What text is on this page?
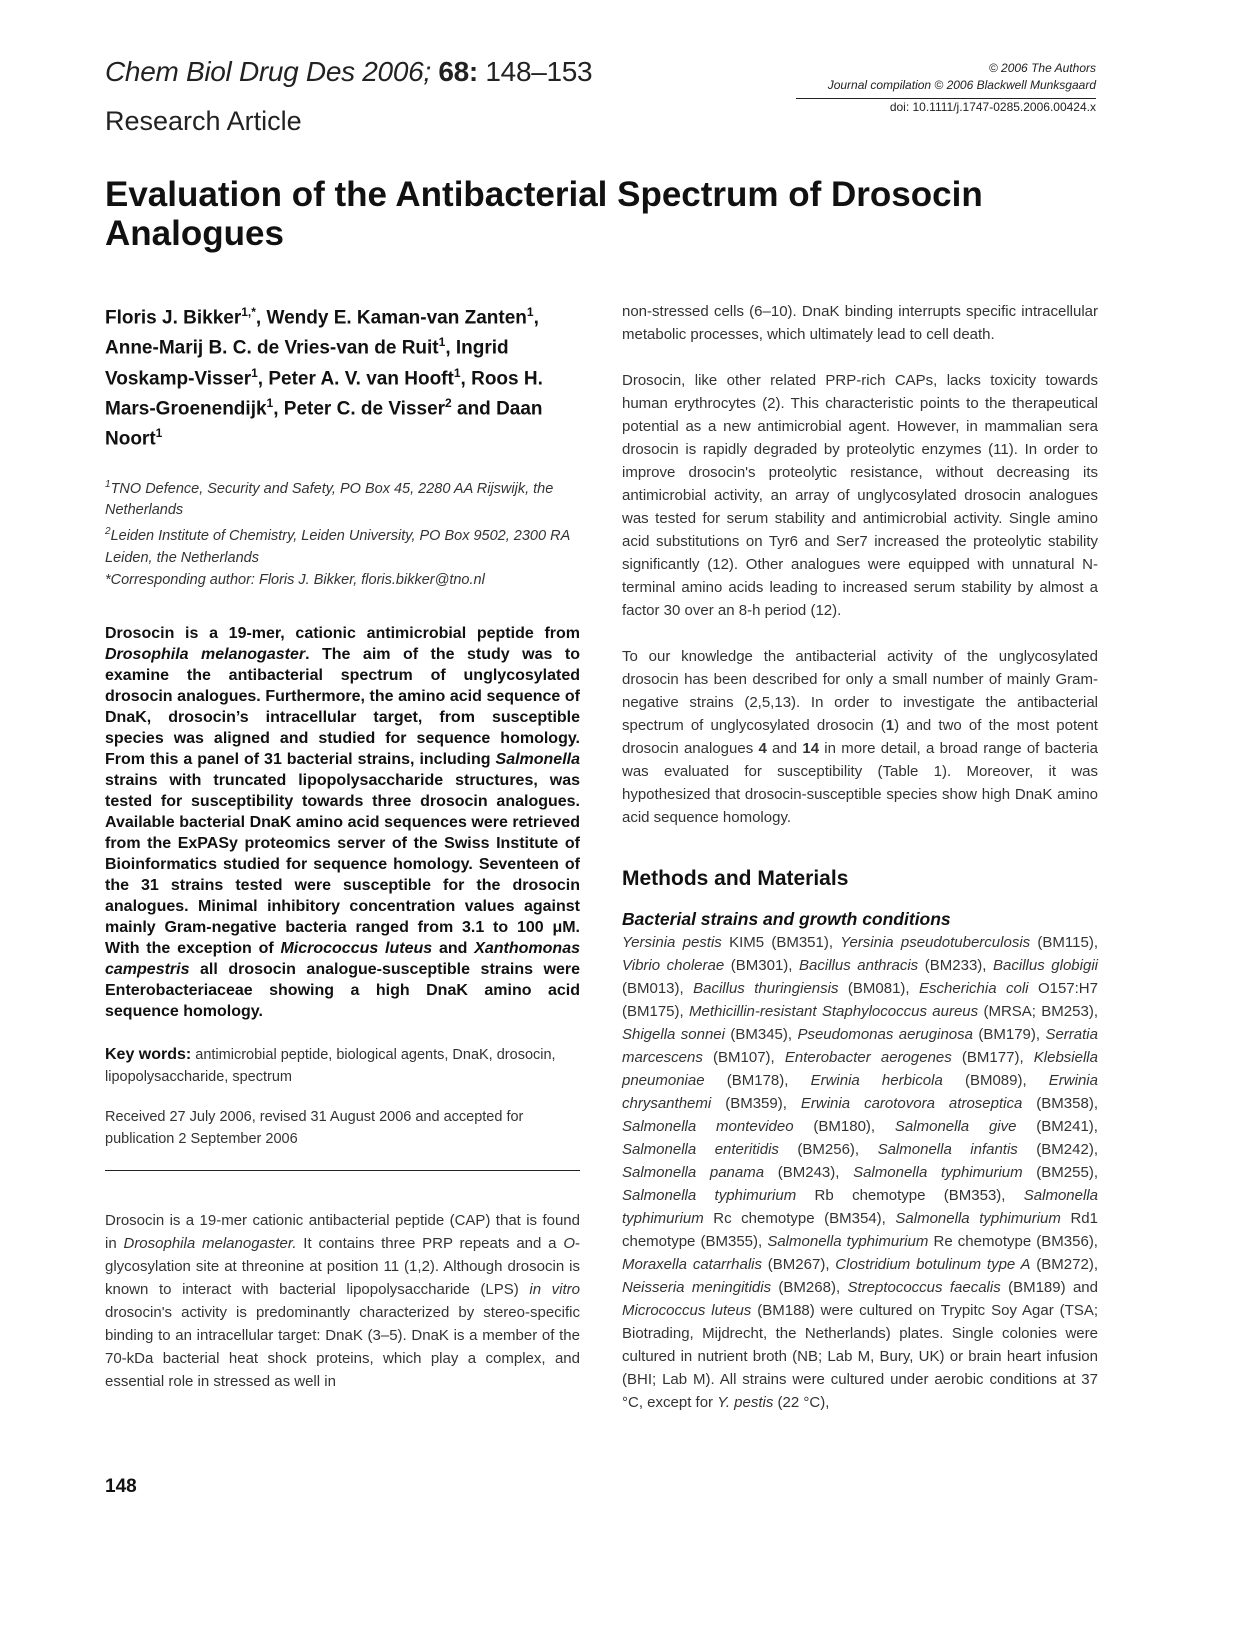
Chem Biol Drug Des 2006; 68: 148–153
Research Article
© 2006 The Authors
Journal compilation © 2006 Blackwell Munksgaard
doi: 10.1111/j.1747-0285.2006.00424.x
Evaluation of the Antibacterial Spectrum of Drosocin Analogues
Floris J. Bikker$^{1,*}$, Wendy E. Kaman-van Zanten$^1$, Anne-Marij B. C. de Vries-van de Ruit$^1$, Ingrid Voskamp-Visser$^1$, Peter A. V. van Hooft$^1$, Roos H. Mars-Groenendijk$^1$, Peter C. de Visser$^2$ and Daan Noort$^1$
$^1$TNO Defence, Security and Safety, PO Box 45, 2280 AA Rijswijk, the Netherlands
$^2$Leiden Institute of Chemistry, Leiden University, PO Box 9502, 2300 RA Leiden, the Netherlands
*Corresponding author: Floris J. Bikker, floris.bikker@tno.nl
Drosocin is a 19-mer, cationic antimicrobial peptide from Drosophila melanogaster. The aim of the study was to examine the antibacterial spectrum of unglycosylated drosocin analogues. Furthermore, the amino acid sequence of DnaK, drosocin’s intracellular target, from susceptible species was aligned and studied for sequence homology. From this a panel of 31 bacterial strains, including Salmonella strains with truncated lipopolysaccharide structures, was tested for susceptibility towards three drosocin analogues. Available bacterial DnaK amino acid sequences were retrieved from the ExPASy proteomics server of the Swiss Institute of Bioinformatics studied for sequence homology. Seventeen of the 31 strains tested were susceptible for the drosocin analogues. Minimal inhibitory concentration values against mainly Gram-negative bacteria ranged from 3.1 to 100 μM. With the exception of Micrococcus luteus and Xanthomonas campestris all drosocin analogue-susceptible strains were Enterobacteriaceae showing a high DnaK amino acid sequence homology.
Key words: antimicrobial peptide, biological agents, DnaK, drosocin, lipopolysaccharide, spectrum
Received 27 July 2006, revised 31 August 2006 and accepted for publication 2 September 2006
Drosocin is a 19-mer cationic antibacterial peptide (CAP) that is found in Drosophila melanogaster. It contains three PRP repeats and a O-glycosylation site at threonine at position 11 (1,2). Although drosocin is known to interact with bacterial lipopolysaccharide (LPS) in vitro drosocin's activity is predominantly characterized by stereo-specific binding to an intracellular target: DnaK (3–5). DnaK is a member of the 70-kDa bacterial heat shock proteins, which play a complex, and essential role in stressed as well in

non-stressed cells (6–10). DnaK binding interrupts specific intracellular metabolic processes, which ultimately lead to cell death.

Drosocin, like other related PRP-rich CAPs, lacks toxicity towards human erythrocytes (2). This characteristic points to the therapeutical potential as a new antimicrobial agent. However, in mammalian sera drosocin is rapidly degraded by proteolytic enzymes (11). In order to improve drosocin's proteolytic resistance, without decreasing its antimicrobial activity, an array of unglycosylated drosocin analogues was tested for serum stability and antimicrobial activity. Single amino acid substitutions on Tyr6 and Ser7 increased the proteolytic stability significantly (12). Other analogues were equipped with unnatural N-terminal amino acids leading to increased serum stability by almost a factor 30 over an 8-h period (12).

To our knowledge the antibacterial activity of the unglycosylated drosocin has been described for only a small number of mainly Gram-negative strains (2,5,13). In order to investigate the antibacterial spectrum of unglycosylated drosocin (1) and two of the most potent drosocin analogues 4 and 14 in more detail, a broad range of bacteria was evaluated for susceptibility (Table 1). Moreover, it was hypothesized that drosocin-susceptible species show high DnaK amino acid sequence homology.

Methods and Materials
Bacterial strains and growth conditions
Yersinia pestis KIM5 (BM351), Yersinia pseudotuberculosis (BM115), Vibrio cholerae (BM301), Bacillus anthracis (BM233), Bacillus globigii (BM013), Bacillus thuringiensis (BM081), Escherichia coli O157:H7 (BM175), Methicillin-resistant Staphylococcus aureus (MRSA; BM253), Shigella sonnei (BM345), Pseudomonas aeruginosa (BM179), Serratia marcescens (BM107), Enterobacter aerogenes (BM177), Klebsiella pneumoniae (BM178), Erwinia herbicola (BM089), Erwinia chrysanthemi (BM359), Erwinia carotovora atroseptica (BM358), Salmonella montevideo (BM180), Salmonella give (BM241), Salmonella enteritidis (BM256), Salmonella infantis (BM242), Salmonella panama (BM243), Salmonella typhimurium (BM255), Salmonella typhimurium Rb chemotype (BM353), Salmonella typhimurium Rc chemotype (BM354), Salmonella typhimurium Rd1 chemotype (BM355), Salmonella typhimurium Re chemotype (BM356), Moraxella catarrhalis (BM267), Clostridium botulinum type A (BM272), Neisseria meningitidis (BM268), Streptococcus faecalis (BM189) and Micrococcus luteus (BM188) were cultured on Trypitc Soy Agar (TSA; Biotrading, Mijdrecht, the Netherlands) plates. Single colonies were cultured in nutrient broth (NB; Lab M, Bury, UK) or brain heart infusion (BHI; Lab M). All strains were cultured under aerobic conditions at 37 °C, except for Y. pestis (22 °C),
148
